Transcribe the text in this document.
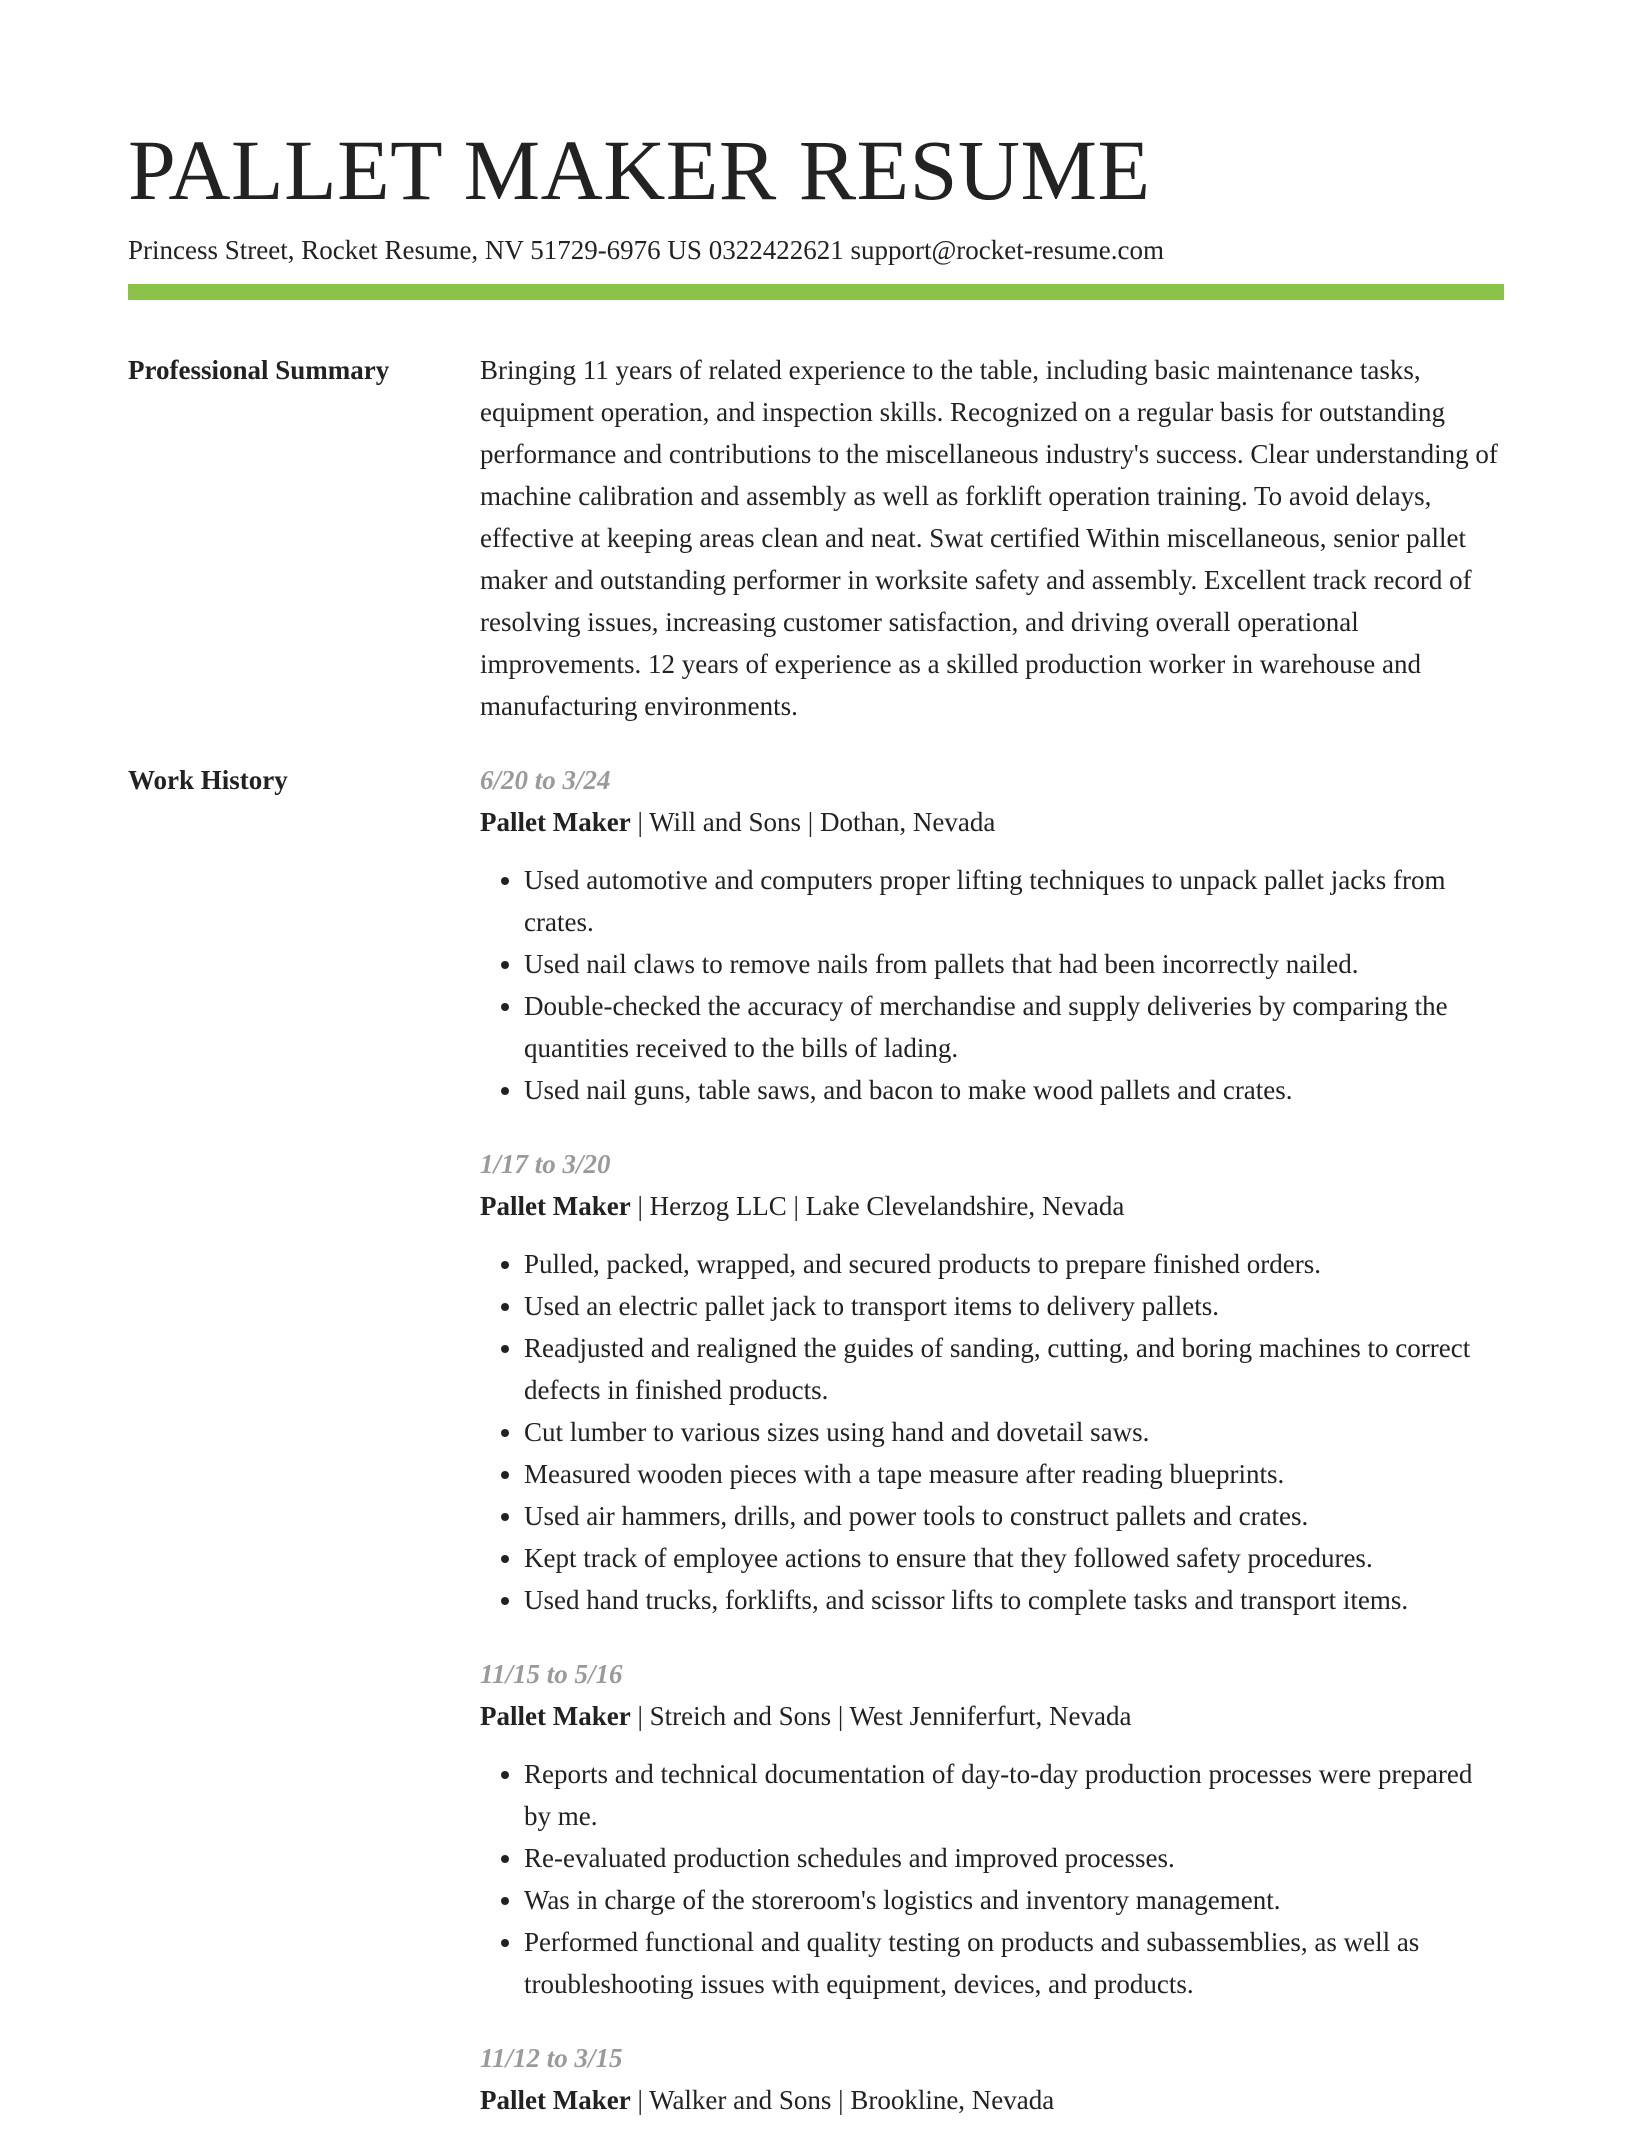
PALLET MAKER RESUME
Princess Street, Rocket Resume, NV 51729-6976 US 0322422621 support@rocket-resume.com
Professional Summary	Bringing 11 years of related experience to the table, including basic maintenance tasks, equipment operation, and inspection skills. Recognized on a regular basis for outstanding performance and contributions to the miscellaneous industry's success. Clear understanding of machine calibration and assembly as well as forklift operation training. To avoid delays, effective at keeping areas clean and neat. Swat certified Within miscellaneous, senior pallet maker and outstanding performer in worksite safety and assembly. Excellent track record of resolving issues, increasing customer satisfaction, and driving overall operational improvements. 12 years of experience as a skilled production worker in warehouse and manufacturing environments.

Work History	6/20 to 3/24
Pallet Maker | Will and Sons | Dothan, Nevada
• Used automotive and computers proper lifting techniques to unpack pallet jacks from crates.
• Used nail claws to remove nails from pallets that had been incorrectly nailed.
• Double-checked the accuracy of merchandise and supply deliveries by comparing the quantities received to the bills of lading.
• Used nail guns, table saws, and bacon to make wood pallets and crates.
1/17 to 3/20
Pallet Maker | Herzog LLC | Lake Clevelandshire, Nevada
• Pulled, packed, wrapped, and secured products to prepare finished orders.
• Used an electric pallet jack to transport items to delivery pallets.
• Readjusted and realigned the guides of sanding, cutting, and boring machines to correct defects in finished products.
• Cut lumber to various sizes using hand and dovetail saws.
• Measured wooden pieces with a tape measure after reading blueprints.
• Used air hammers, drills, and power tools to construct pallets and crates.
• Kept track of employee actions to ensure that they followed safety procedures.
• Used hand trucks, forklifts, and scissor lifts to complete tasks and transport items.
11/15 to 5/16
Pallet Maker | Streich and Sons | West Jenniferfurt, Nevada
• Reports and technical documentation of day-to-day production processes were prepared by me.
• Re-evaluated production schedules and improved processes.
• Was in charge of the storeroom's logistics and inventory management.
• Performed functional and quality testing on products and subassemblies, as well as troubleshooting issues with equipment, devices, and products.
11/12 to 3/15
Pallet Maker | Walker and Sons | Brookline, Nevada
